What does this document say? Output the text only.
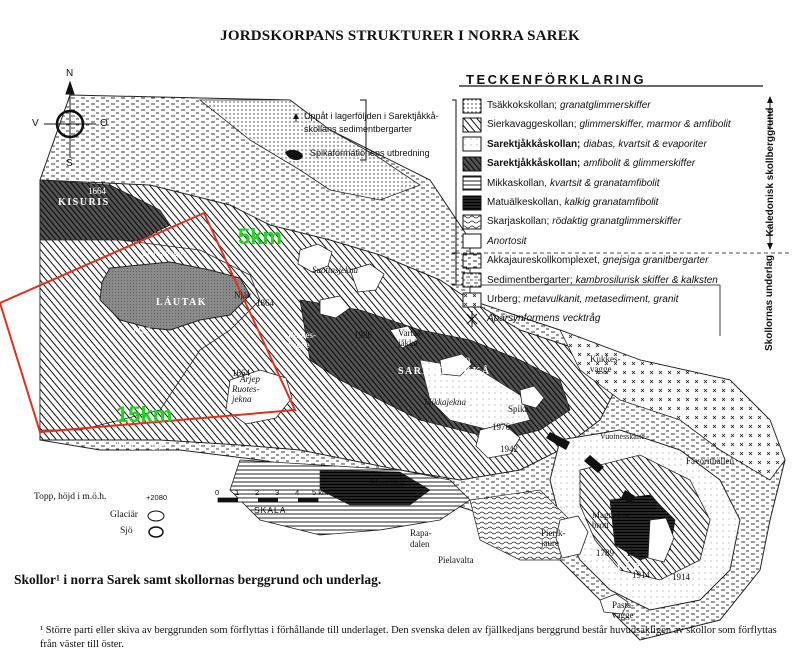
JORDSKORPANS STRUKTURER I NORRA SAREK
N
S
V	O
Uppåt i lagerföljden i Sarektjåkkå-
skollans sedimentbergarter
Spikaformationens utbredning
TECKENFÖRKLARING
Tsäkkokskollan; granatglimmerskiffer
Sierkavaggeskollan; glimmerskiffer, marmor & amfibolit
Sarektjåkkåskollan; diabas, kvartsit & evaporiter
Sarektjåkkåskollan; amfibolit & glimmerskiffer
Mikkaskollan, kvartsit & granatamfibolit
Matuälkeskollan, kalkig granatamfibolit
Skarjaskollan; rödaktig granatglimmerskiffer
Anortosit
Akkajaureskollkomplexet, gnejsiga granitbergarter
Sedimentbergarter; kambrosilurisk skiffer & kalksten
Urberg; metavulkanit, metasediment, granit
Äparsynformens vecktråg
Kaledonisk skollberggrund
Skollornas underlag
KISURIS
Sierkavagge
LÁUTAK
Suottasjekna
Ruotes-
vagge
Ruotes-
jekna
SAREKTJÅKKÅ
Vartas-
jåkkå
Mikkajekna
Spika
Kukkes-
vagge
Kuopervagge
Matuälke
Rapa-
dalen
Pielavalta
Pierik-
jaure
Magnesit-
brott
ÄPÁR
Pasta-
vagge
Favorithällen
Nják
Árjep
Vuoinesskaite
1664
1447
1864
1986
1664
2089
2010
1976
1942
1789 1871
1914 1914
5km
15km
Topp, höjd i m.ö.h.	+2080
Glaciär
Sjö
0 1 2 3 4 5 km
SKALA
Skollor¹ i norra Sarek samt skollornas berggrund och underlag.
¹ Större parti eller skiva av berggrunden som förflyttas i förhållande till underlaget. Den svenska delen av fjällkedjans berggrund består huvudsakligen av skollor som förflyttas från väster till öster.
